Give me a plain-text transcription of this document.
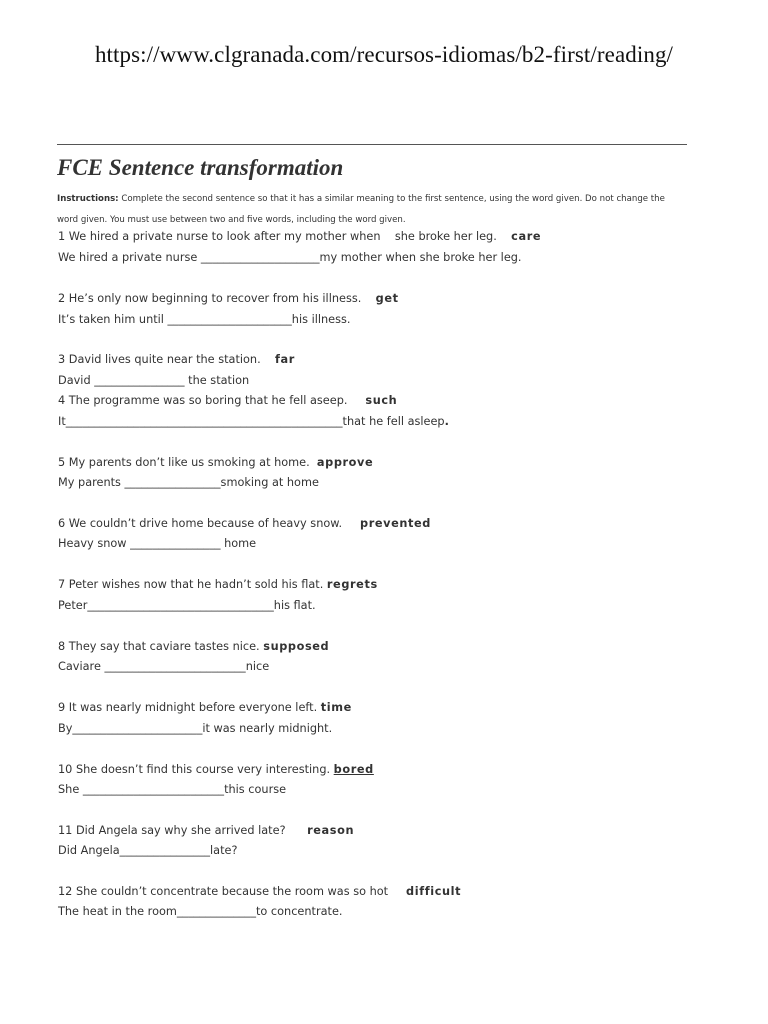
https://www.clgranada.com/recursos-idiomas/b2-first/reading/
FCE Sentence transformation
Instructions: Complete the second sentence so that it has a similar meaning to the first sentence, using the word given. Do not change the word given. You must use between two and five words, including the word given.
1 We hired a private nurse to look after my mother when    she broke her leg.    care
We hired a private nurse _____________________my mother when she broke her leg.
2 He’s only now beginning to recover from his illness.    get
It’s taken him until ______________________his illness.
3 David lives quite near the station.    far
David ________________ the station
4 The programme was so boring that he fell aseep.     such
It_________________________________________________that he fell asleep.
5 My parents don’t like us smoking at home.  approve
My parents _________________smoking at home
6 We couldn’t drive home because of heavy snow.     prevented
Heavy snow ________________ home
7 Peter wishes now that he hadn’t sold his flat. regrets
Peter_________________________________his flat.
8 They say that caviare tastes nice. supposed
Caviare _________________________nice
9 It was nearly midnight before everyone left. time
By_______________________it was nearly midnight.
10 She doesn’t find this course very interesting. bored
She _________________________this course
11 Did Angela say why she arrived late?      reason
Did Angela________________late?
12 She couldn’t concentrate because the room was so hot     difficult
The heat in the room______________to concentrate.
